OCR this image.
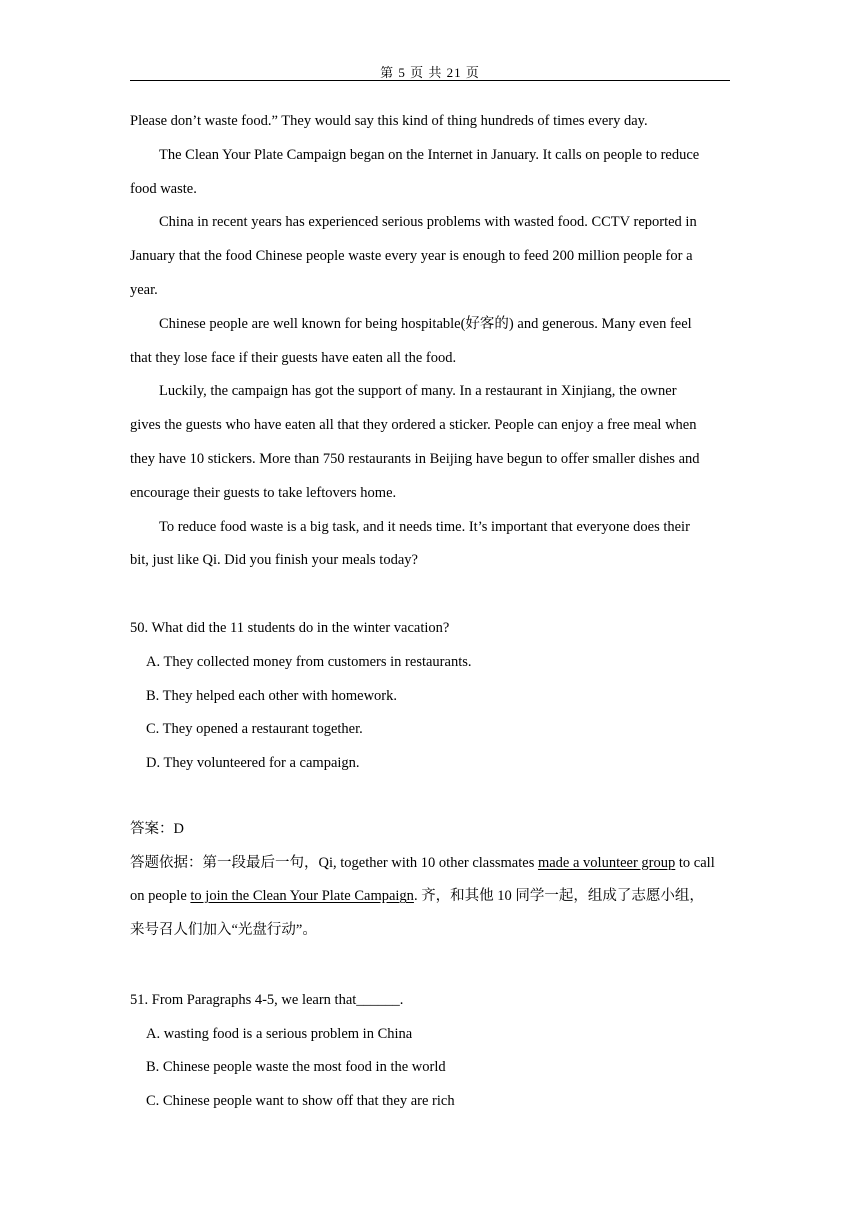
第 5 页 共 21 页
Please don’t waste food.” They would say this kind of thing hundreds of times every day.
The Clean Your Plate Campaign began on the Internet in January. It calls on people to reduce
food waste.
China in recent years has experienced serious problems with wasted food. CCTV reported in
January that the food Chinese people waste every year is enough to feed 200 million people for a
year.
Chinese people are well known for being hospitable(好客的) and generous. Many even feel
that they lose face if their guests have eaten all the food.
Luckily, the campaign has got the support of many. In a restaurant in Xinjiang, the owner
gives the guests who have eaten all that they ordered a sticker. People can enjoy a free meal when
they have 10 stickers. More than 750 restaurants in Beijing have begun to offer smaller dishes and
encourage their guests to take leftovers home.
To reduce food waste is a big task, and it needs time. It’s important that everyone does their
bit, just like Qi. Did you finish your meals today?
50. What did the 11 students do in the winter vacation?
A. They collected money from customers in restaurants.
B. They helped each other with homework.
C. They opened a restaurant together.
D. They volunteered for a campaign.
答案：D
答题依据：第一段最后一句，Qi, together with 10 other classmates made a volunteer group to call
on people to join the Clean Your Plate Campaign. 齐，和其他 10 同学一起，组成了志愿小组，
来号召人们加入“光盘行动”。
51. From Paragraphs 4-5, we learn that______.
A. wasting food is a serious problem in China
B. Chinese people waste the most food in the world
C. Chinese people want to show off that they are rich
